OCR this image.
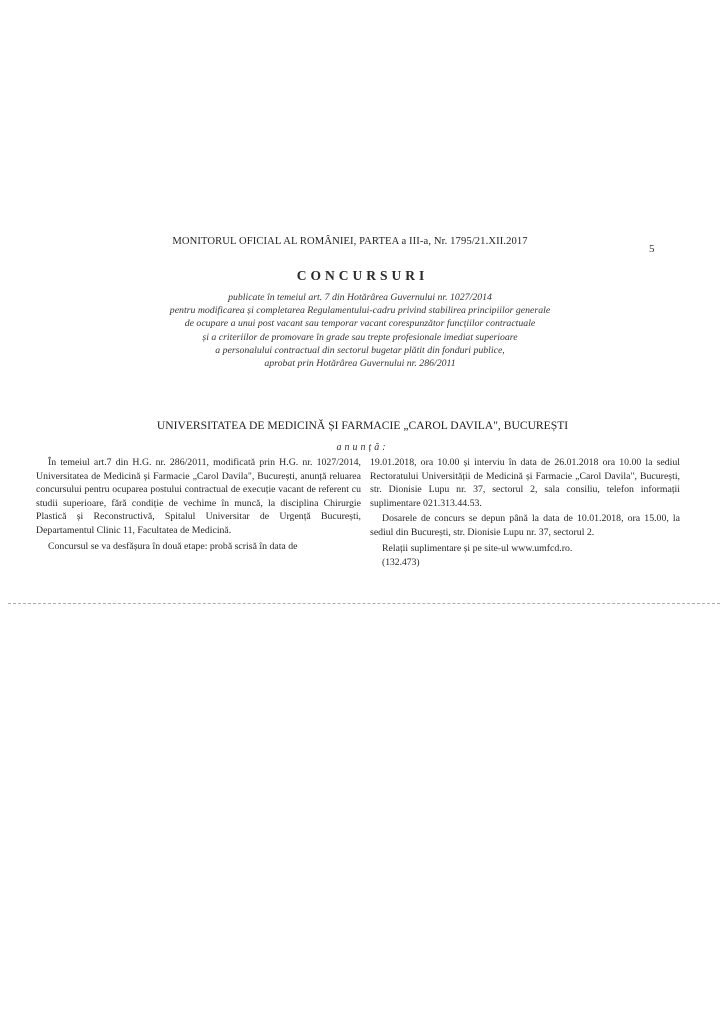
MONITORUL OFICIAL AL ROMÂNIEI, PARTEA a III-a, Nr. 1795/21.XII.2017
5
CONCURSURI
publicate în temeiul art. 7 din Hotărârea Guvernului nr. 1027/2014
pentru modificarea și completarea Regulamentului-cadru privind stabilirea principiilor generale
de ocupare a unui post vacant sau temporar vacant corespunzător funcțiilor contractuale
și a criteriilor de promovare în grade sau trepte profesionale imediat superioare
a personalului contractual din sectorul bugetar plătit din fonduri publice,
aprobat prin Hotărârea Guvernului nr. 286/2011
UNIVERSITATEA DE MEDICINĂ ȘI FARMACIE „CAROL DAVILA", BUCUREȘTI
anunță:

În temeiul art.7 din H.G. nr. 286/2011, modificată prin H.G. nr. 1027/2014, Universitatea de Medicină și Farmacie „Carol Davila", București, anunță reluarea concursului pentru ocuparea postului contractual de execuție vacant de referent cu studii superioare, fără condiție de vechime în muncă, la disciplina Chirurgie Plastică și Reconstructivă, Spitalul Universitar de Urgență București, Departamentul Clinic 11, Facultatea de Medicină.

Concursul se va desfășura în două etape: probă scrisă în data de

19.01.2018, ora 10.00 și interviu în data de 26.01.2018 ora 10.00 la sediul Rectoratului Universității de Medicină și Farmacie „Carol Davila", București, str. Dionisie Lupu nr. 37, sectorul 2, sala consiliu, telefon informații suplimentare 021.313.44.53.

Dosarele de concurs se depun până la data de 10.01.2018, ora 15.00, la sediul din București, str. Dionisie Lupu nr. 37, sectorul 2.

Relații suplimentare și pe site-ul www.umfcd.ro.

(132.473)
